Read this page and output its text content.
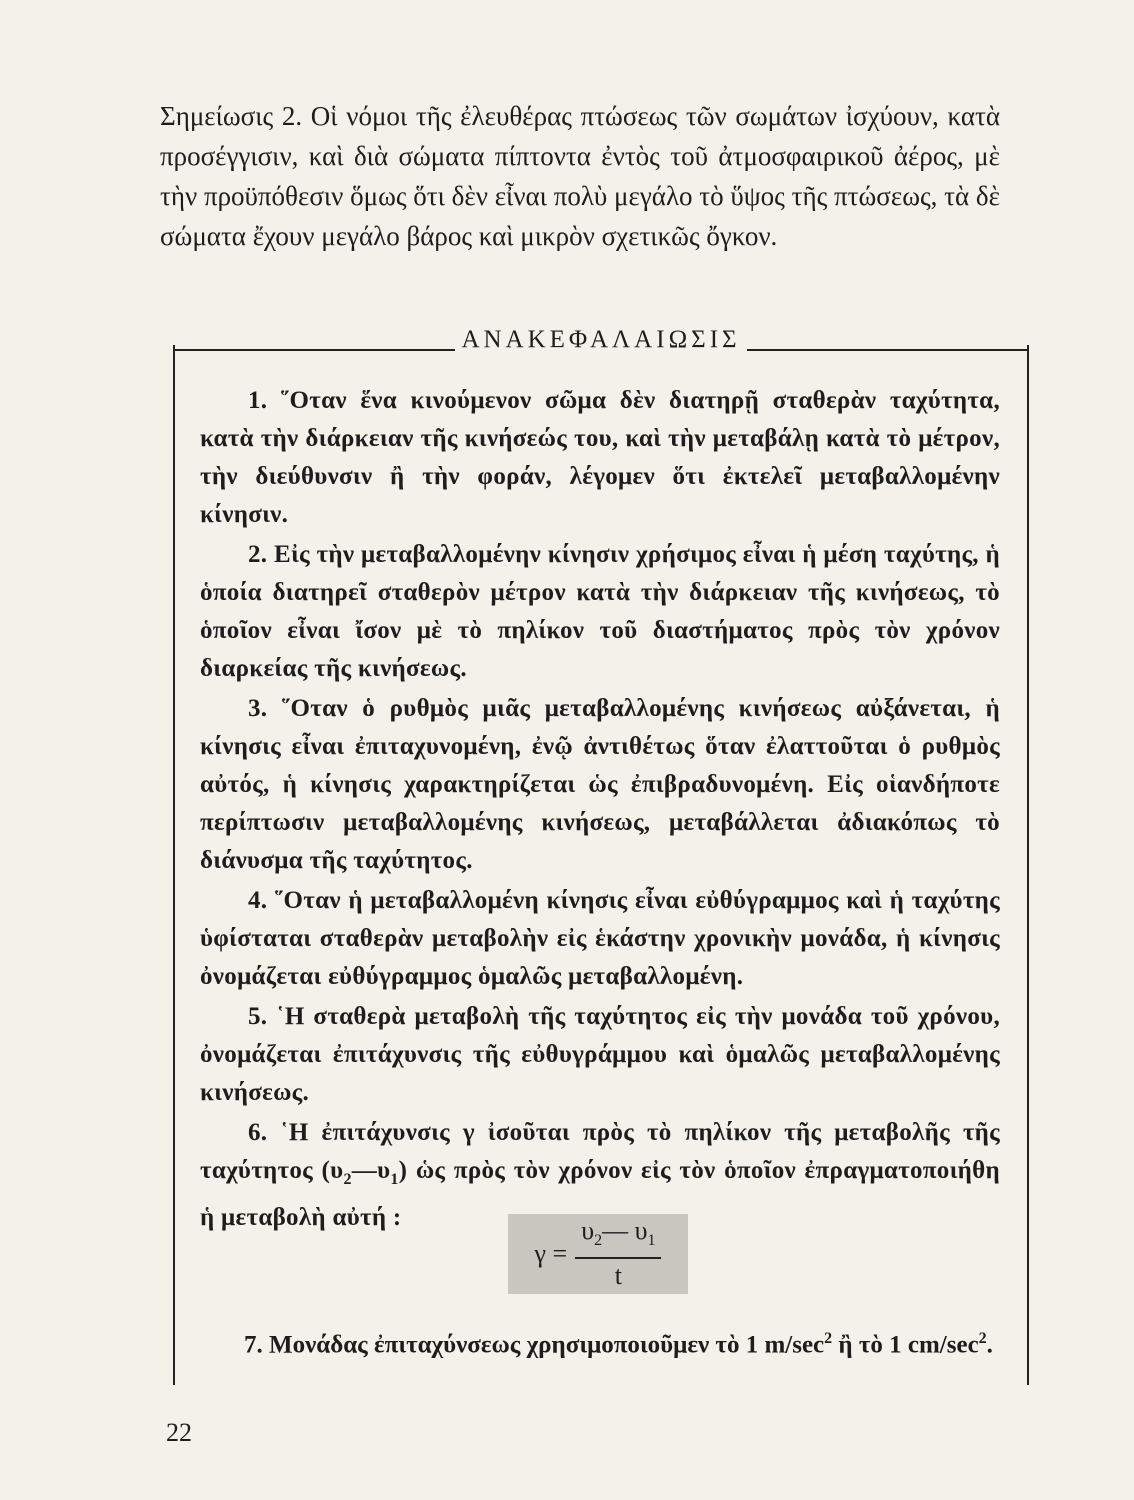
Σημείωσις 2. Οἱ νόμοι τῆς ἐλευθέρας πτώσεως τῶν σωμάτων ἰσχύουν, κατὰ προσέγγισιν, καὶ διὰ σώματα πίπτοντα ἐντὸς τοῦ ἀτμοσφαιρικοῦ ἀέρος, μὲ τὴν προϋπόθεσιν ὅμως ὅτι δὲν εἶναι πολὺ μεγάλο τὸ ὕψος τῆς πτώσεως, τὰ δὲ σώματα ἔχουν μεγάλο βάρος καὶ μικρὸν σχετικῶς ὄγκον.

ΑΝΑΚΕΦΑΛΑΙΩΣΙΣ

1. ῞Οταν ἕνα κινούμενον σῶμα δὲν διατηρῇ σταθερὰν ταχύτητα, κατὰ τὴν διάρκειαν τῆς κινήσεώς του, καὶ τὴν μεταβάλῃ κατὰ τὸ μέτρον, τὴν διεύθυνσιν ἢ τὴν φοράν, λέγομεν ὅτι ἐκτελεῖ μεταβαλλομένην κίνησιν.

2. Εἰς τὴν μεταβαλλομένην κίνησιν χρήσιμος εἶναι ἡ μέση ταχύτης, ἡ ὁποία διατηρεῖ σταθερὸν μέτρον κατὰ τὴν διάρκειαν τῆς κινήσεως, τὸ ὁποῖον εἶναι ἴσον μὲ τὸ πηλίκον τοῦ διαστήματος πρὸς τὸν χρόνον διαρκείας τῆς κινήσεως.

3. ῞Οταν ὁ ρυθμὸς μιᾶς μεταβαλλομένης κινήσεως αὐξάνεται, ἡ κίνησις εἶναι ἐπιταχυνομένη, ἐνῷ ἀντιθέτως ὅταν ἐλαττοῦται ὁ ρυθμὸς αὐτός, ἡ κίνησις χαρακτηρίζεται ὡς ἐπιβραδυνομένη. Εἰς οἱανδήποτε περίπτωσιν μεταβαλλομένης κινήσεως, μεταβάλλεται ἀδιακόπως τὸ διάνυσμα τῆς ταχύτητος.

4. ῞Οταν ἡ μεταβαλλομένη κίνησις εἶναι εὐθύγραμμος καὶ ἡ ταχύτης ὑφίσταται σταθερὰν μεταβολὴν εἰς ἑκάστην χρονικὴν μονάδα, ἡ κίνησις ὀνομάζεται εὐθύγραμμος ὁμαλῶς μεταβαλλομένη.

5. ῾Η σταθερὰ μεταβολὴ τῆς ταχύτητος εἰς τὴν μονάδα τοῦ χρόνου, ὀνομάζεται ἐπιτάχυνσις τῆς εὐθυγράμμου καὶ ὁμαλῶς μεταβαλλομένης κινήσεως.

6. ῾Η ἐπιτάχυνσις γ ἰσοῦται πρὸς τὸ πηλίκον τῆς μεταβολῆς τῆς ταχύτητος $(\upsilon_2—\upsilon_1)$ ὡς πρὸς τὸν χρόνον εἰς τὸν ὁποῖον ἐπραγματοποιήθη ἡ μεταβολὴ αὐτή :

$\gamma = \frac{\upsilon_2— \upsilon_1}{t}$

7. Μονάδας ἐπιταχύνσεως χρησιμοποιοῦμεν τὸ 1 $m/\sec^2$ ἢ τὸ 1 $cm/\sec^2$.

22
